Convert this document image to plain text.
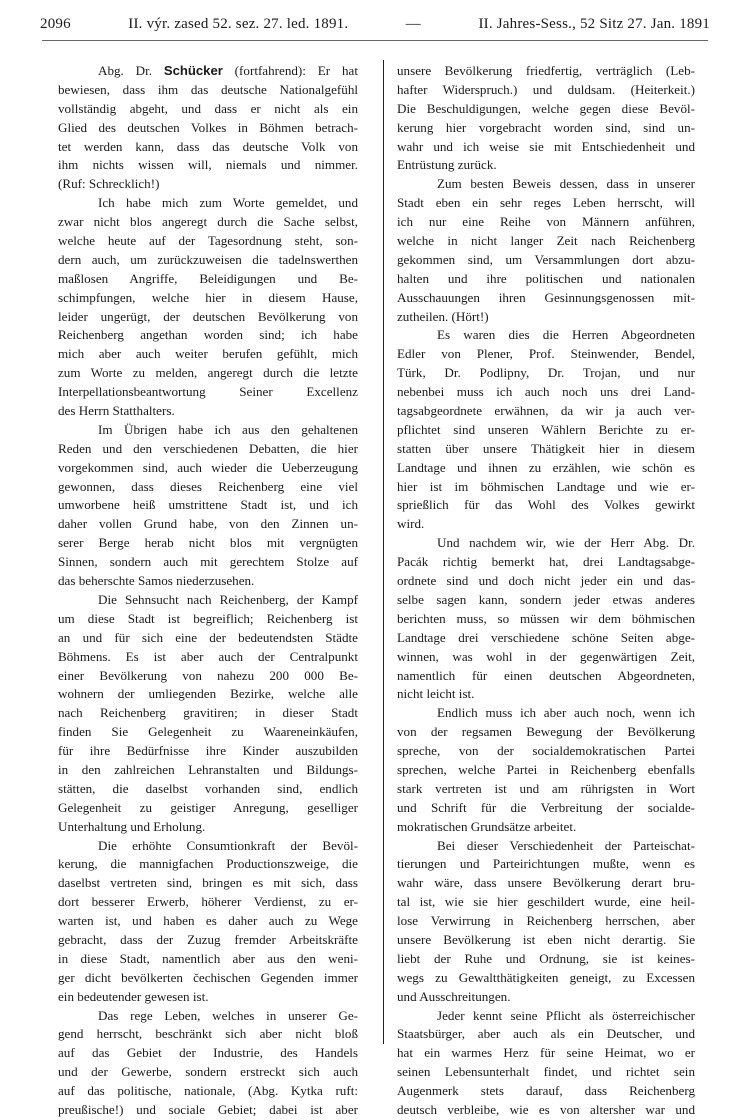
2096	II. výr. zased 52. sez. 27. led. 1891.	—	II. Jahres-Sess., 52 Sitz 27. Jan. 1891
Abg. Dr. Schücker (fortfahrend): Er hat
bewiesen, dass ihm das deutsche Nationalgefühl
vollständig abgeht, und dass er nicht als ein
Glied des deutschen Volkes in Böhmen betrach-
tet werden kann, dass das deutsche Volk von
ihm nichts wissen will, niemals und nimmer.
(Ruf: Schrecklich!)
Ich habe mich zum Worte gemeldet, und
zwar nicht blos angeregt durch die Sache selbst,
welche heute auf der Tagesordnung steht, son-
dern auch, um zurückzuweisen die tadelnswerthen
maßlosen Angriffe, Beleidigungen und Be-
schimpfungen, welche hier in diesem Hause,
leider ungerügt, der deutschen Bevölkerung von
Reichenberg angethan worden sind; ich habe
mich aber auch weiter berufen gefühlt, mich
zum Worte zu melden, angeregt durch die letzte
Interpellationsbeantwortung Seiner Excellenz
des Herrn Statthalters.
Im Übrigen habe ich aus den gehaltenen
Reden und den verschiedenen Debatten, die hier
vorgekommen sind, auch wieder die Ueberzeugung
gewonnen, dass dieses Reichenberg eine viel
umworbene heiß umstrittene Stadt ist, und ich
daher vollen Grund habe, von den Zinnen un-
serer Berge herab nicht blos mit vergnügten
Sinnen, sondern auch mit gerechtem Stolze auf
das beherschte Samos niederzusehen.
Die Sehnsucht nach Reichenberg, der Kampf
um diese Stadt ist begreiflich; Reichenberg ist
an und für sich eine der bedeutendsten Städte
Böhmens. Es ist aber auch der Centralpunkt
einer Bevölkerung von nahezu 200 000 Be-
wohnern der umliegenden Bezirke, welche alle
nach Reichenberg gravitiren; in dieser Stadt
finden Sie Gelegenheit zu Waareneinkäufen,
für ihre Bedürfnisse ihre Kinder auszubilden
in den zahlreichen Lehranstalten und Bildungs-
stätten, die daselbst vorhanden sind, endlich
Gelegenheit zu geistiger Anregung, geselliger
Unterhaltung und Erholung.
Die erhöhte Consumtionkraft der Bevöl-
kerung, die mannigfachen Productionszweige, die
daselbst vertreten sind, bringen es mit sich, dass
dort besserer Erwerb, höherer Verdienst, zu er-
warten ist, und haben es daher auch zu Wege
gebracht, dass der Zuzug fremder Arbeitskräfte
in diese Stadt, namentlich aber aus den weni-
ger dicht bevölkerten čechischen Gegenden immer
ein bedeutender gewesen ist.
Das rege Leben, welches in unserer Ge-
gend herrscht, beschränkt sich aber nicht bloß
auf das Gebiet der Industrie, des Handels
und der Gewerbe, sondern erstreckt sich auch
auf das politische, nationale, (Abg. Kytka ruft:
preußische!) und sociale Gebiet; dabei ist aber
unsere Bevölkerung friedfertig, verträglich (Leb-
hafter Widerspruch.) und duldsam. (Heiterkeit.)
Die Beschuldigungen, welche gegen diese Bevöl-
kerung hier vorgebracht worden sind, sind un-
wahr und ich weise sie mit Entschiedenheit und
Entrüstung zurück.
Zum besten Beweis dessen, dass in unserer
Stadt eben ein sehr reges Leben herrscht, will
ich nur eine Reihe von Männern anführen,
welche in nicht langer Zeit nach Reichenberg
gekommen sind, um Versammlungen dort abzu-
halten und ihre politischen und nationalen
Ausschauungen ihren Gesinnungsgenossen mit-
zutheilen. (Hört!)
Es waren dies die Herren Abgeordneten
Edler von Plener, Prof. Steinwender, Bendel,
Türk, Dr. Podlipny, Dr. Trojan, und nur
nebenbei muss ich auch noch uns drei Land-
tagsabgeordnete erwähnen, da wir ja auch ver-
pflichtet sind unseren Wählern Berichte zu er-
statten über unsere Thätigkeit hier in diesem
Landtage und ihnen zu erzählen, wie schön es
hier ist im böhmischen Landtage und wie er-
sprießlich für das Wohl des Volkes gewirkt
wird.
Und nachdem wir, wie der Herr Abg. Dr.
Pacák richtig bemerkt hat, drei Landtagsabge-
ordnete sind und doch nicht jeder ein und das-
selbe sagen kann, sondern jeder etwas anderes
berichten muss, so müssen wir dem böhmischen
Landtage drei verschiedene schöne Seiten abge-
winnen, was wohl in der gegenwärtigen Zeit,
namentlich für einen deutschen Abgeordneten,
nicht leicht ist.
Endlich muss ich aber auch noch, wenn ich
von der regsamen Bewegung der Bevölkerung
spreche, von der socialdemokratischen Partei
sprechen, welche Partei in Reichenberg ebenfalls
stark vertreten ist und am rührigsten in Wort
und Schrift für die Verbreitung der socialde-
mokratischen Grundsätze arbeitet.
Bei dieser Verschiedenheit der Parteischat-
tierungen und Parteirichtungen mußte, wenn es
wahr wäre, dass unsere Bevölkerung derart bru-
tal ist, wie sie hier geschildert wurde, eine heil-
lose Verwirrung in Reichenberg herrschen, aber
unsere Bevölkerung ist eben nicht derartig. Sie
liebt der Ruhe und Ordnung, sie ist keines-
wegs zu Gewaltthätigkeiten geneigt, zu Excessen
und Ausschreitungen.
Jeder kennt seine Pflicht als österreichischer
Staatsbürger, aber auch als ein Deutscher, und
hat ein warmes Herz für seine Heimat, wo er
seinen Lebensunterhalt findet, und richtet sein
Augenmerk stets darauf, dass Reichenberg
deutsch verbleibe, wie es von altersher war und
